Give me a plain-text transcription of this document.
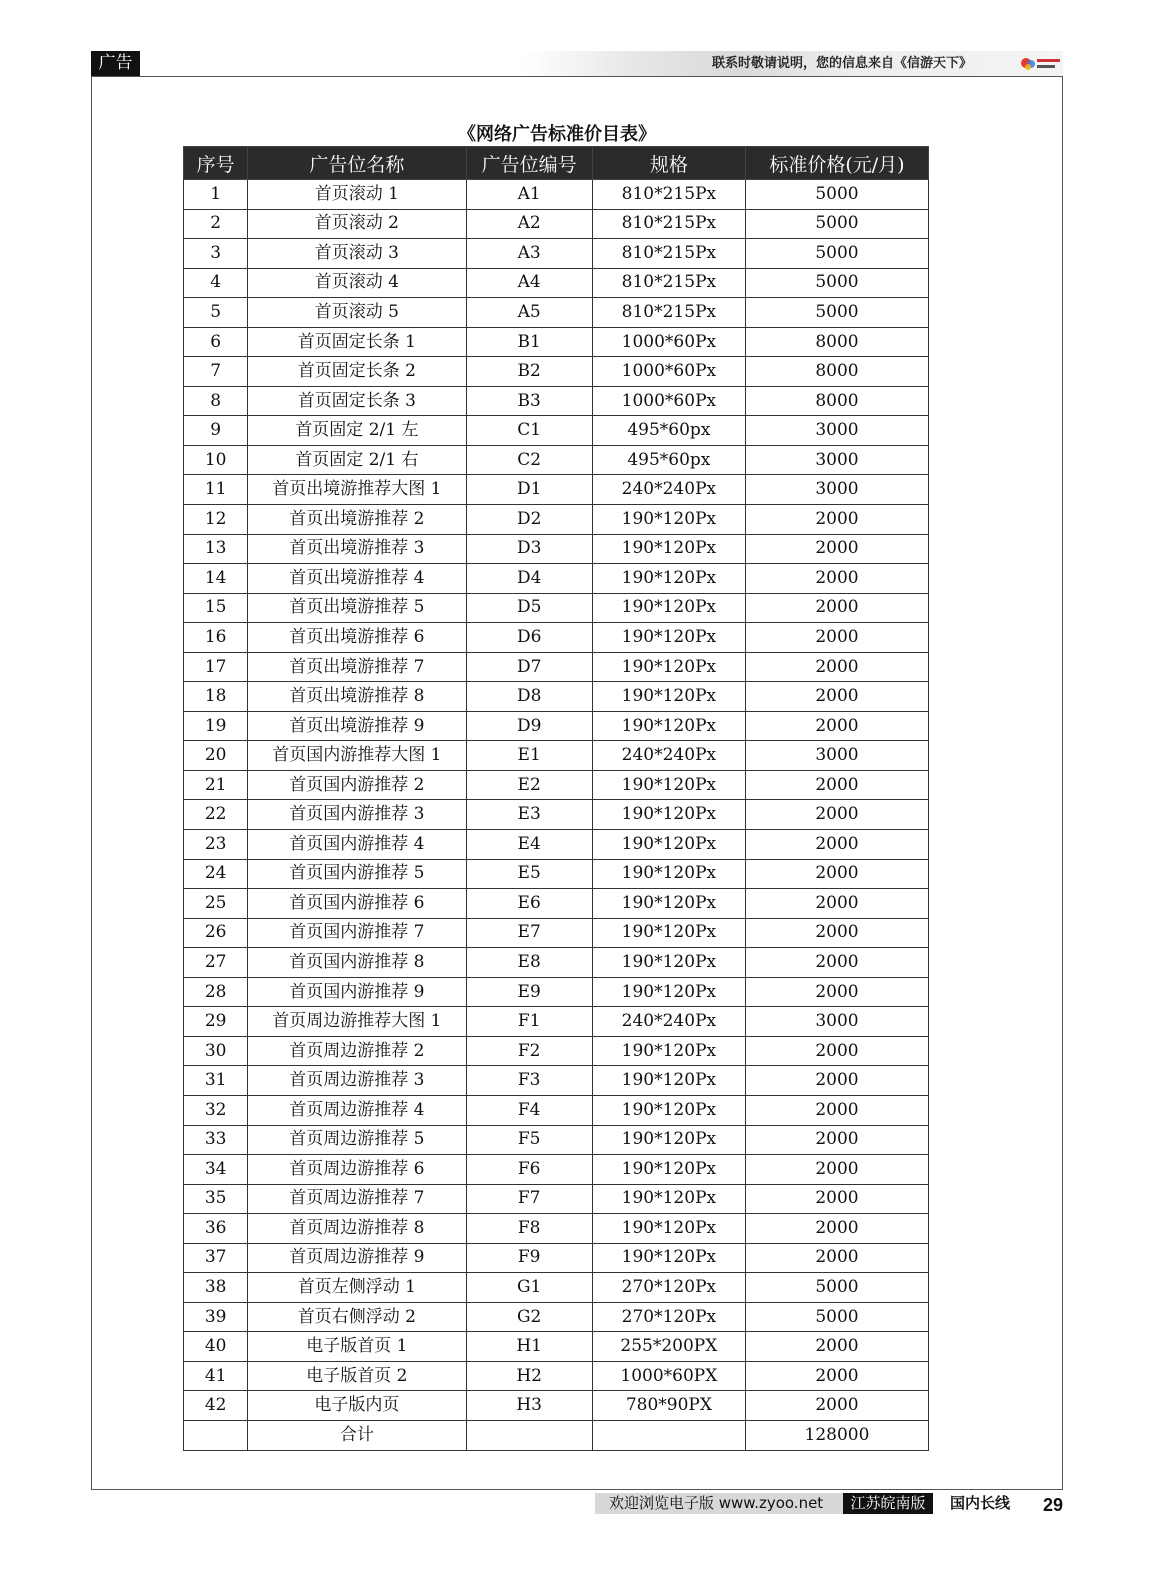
广告	联系时敬请说明，您的信息来自《信游天下》
《网络广告标准价目表》
序号	广告位名称	广告位编号	规格	标准价格(元/月)
1	首页滚动 1	A1	810*215Px	5000
2	首页滚动 2	A2	810*215Px	5000
3	首页滚动 3	A3	810*215Px	5000
4	首页滚动 4	A4	810*215Px	5000
5	首页滚动 5	A5	810*215Px	5000
6	首页固定长条 1	B1	1000*60Px	8000
7	首页固定长条 2	B2	1000*60Px	8000
8	首页固定长条 3	B3	1000*60Px	8000
9	首页固定 2/1 左	C1	495*60px	3000
10	首页固定 2/1 右	C2	495*60px	3000
11	首页出境游推荐大图 1	D1	240*240Px	3000
12	首页出境游推荐 2	D2	190*120Px	2000
13	首页出境游推荐 3	D3	190*120Px	2000
14	首页出境游推荐 4	D4	190*120Px	2000
15	首页出境游推荐 5	D5	190*120Px	2000
16	首页出境游推荐 6	D6	190*120Px	2000
17	首页出境游推荐 7	D7	190*120Px	2000
18	首页出境游推荐 8	D8	190*120Px	2000
19	首页出境游推荐 9	D9	190*120Px	2000
20	首页国内游推荐大图 1	E1	240*240Px	3000
21	首页国内游推荐 2	E2	190*120Px	2000
22	首页国内游推荐 3	E3	190*120Px	2000
23	首页国内游推荐 4	E4	190*120Px	2000
24	首页国内游推荐 5	E5	190*120Px	2000
25	首页国内游推荐 6	E6	190*120Px	2000
26	首页国内游推荐 7	E7	190*120Px	2000
27	首页国内游推荐 8	E8	190*120Px	2000
28	首页国内游推荐 9	E9	190*120Px	2000
29	首页周边游推荐大图 1	F1	240*240Px	3000
30	首页周边游推荐 2	F2	190*120Px	2000
31	首页周边游推荐 3	F3	190*120Px	2000
32	首页周边游推荐 4	F4	190*120Px	2000
33	首页周边游推荐 5	F5	190*120Px	2000
34	首页周边游推荐 6	F6	190*120Px	2000
35	首页周边游推荐 7	F7	190*120Px	2000
36	首页周边游推荐 8	F8	190*120Px	2000
37	首页周边游推荐 9	F9	190*120Px	2000
38	首页左侧浮动 1	G1	270*120Px	5000
39	首页右侧浮动 2	G2	270*120Px	5000
40	电子版首页 1	H1	255*200PX	2000
41	电子版首页 2	H2	1000*60PX	2000
42	电子版内页	H3	780*90PX	2000
	合计			128000
欢迎浏览电子版 www.zyoo.net	江苏皖南版	国内长线 29
